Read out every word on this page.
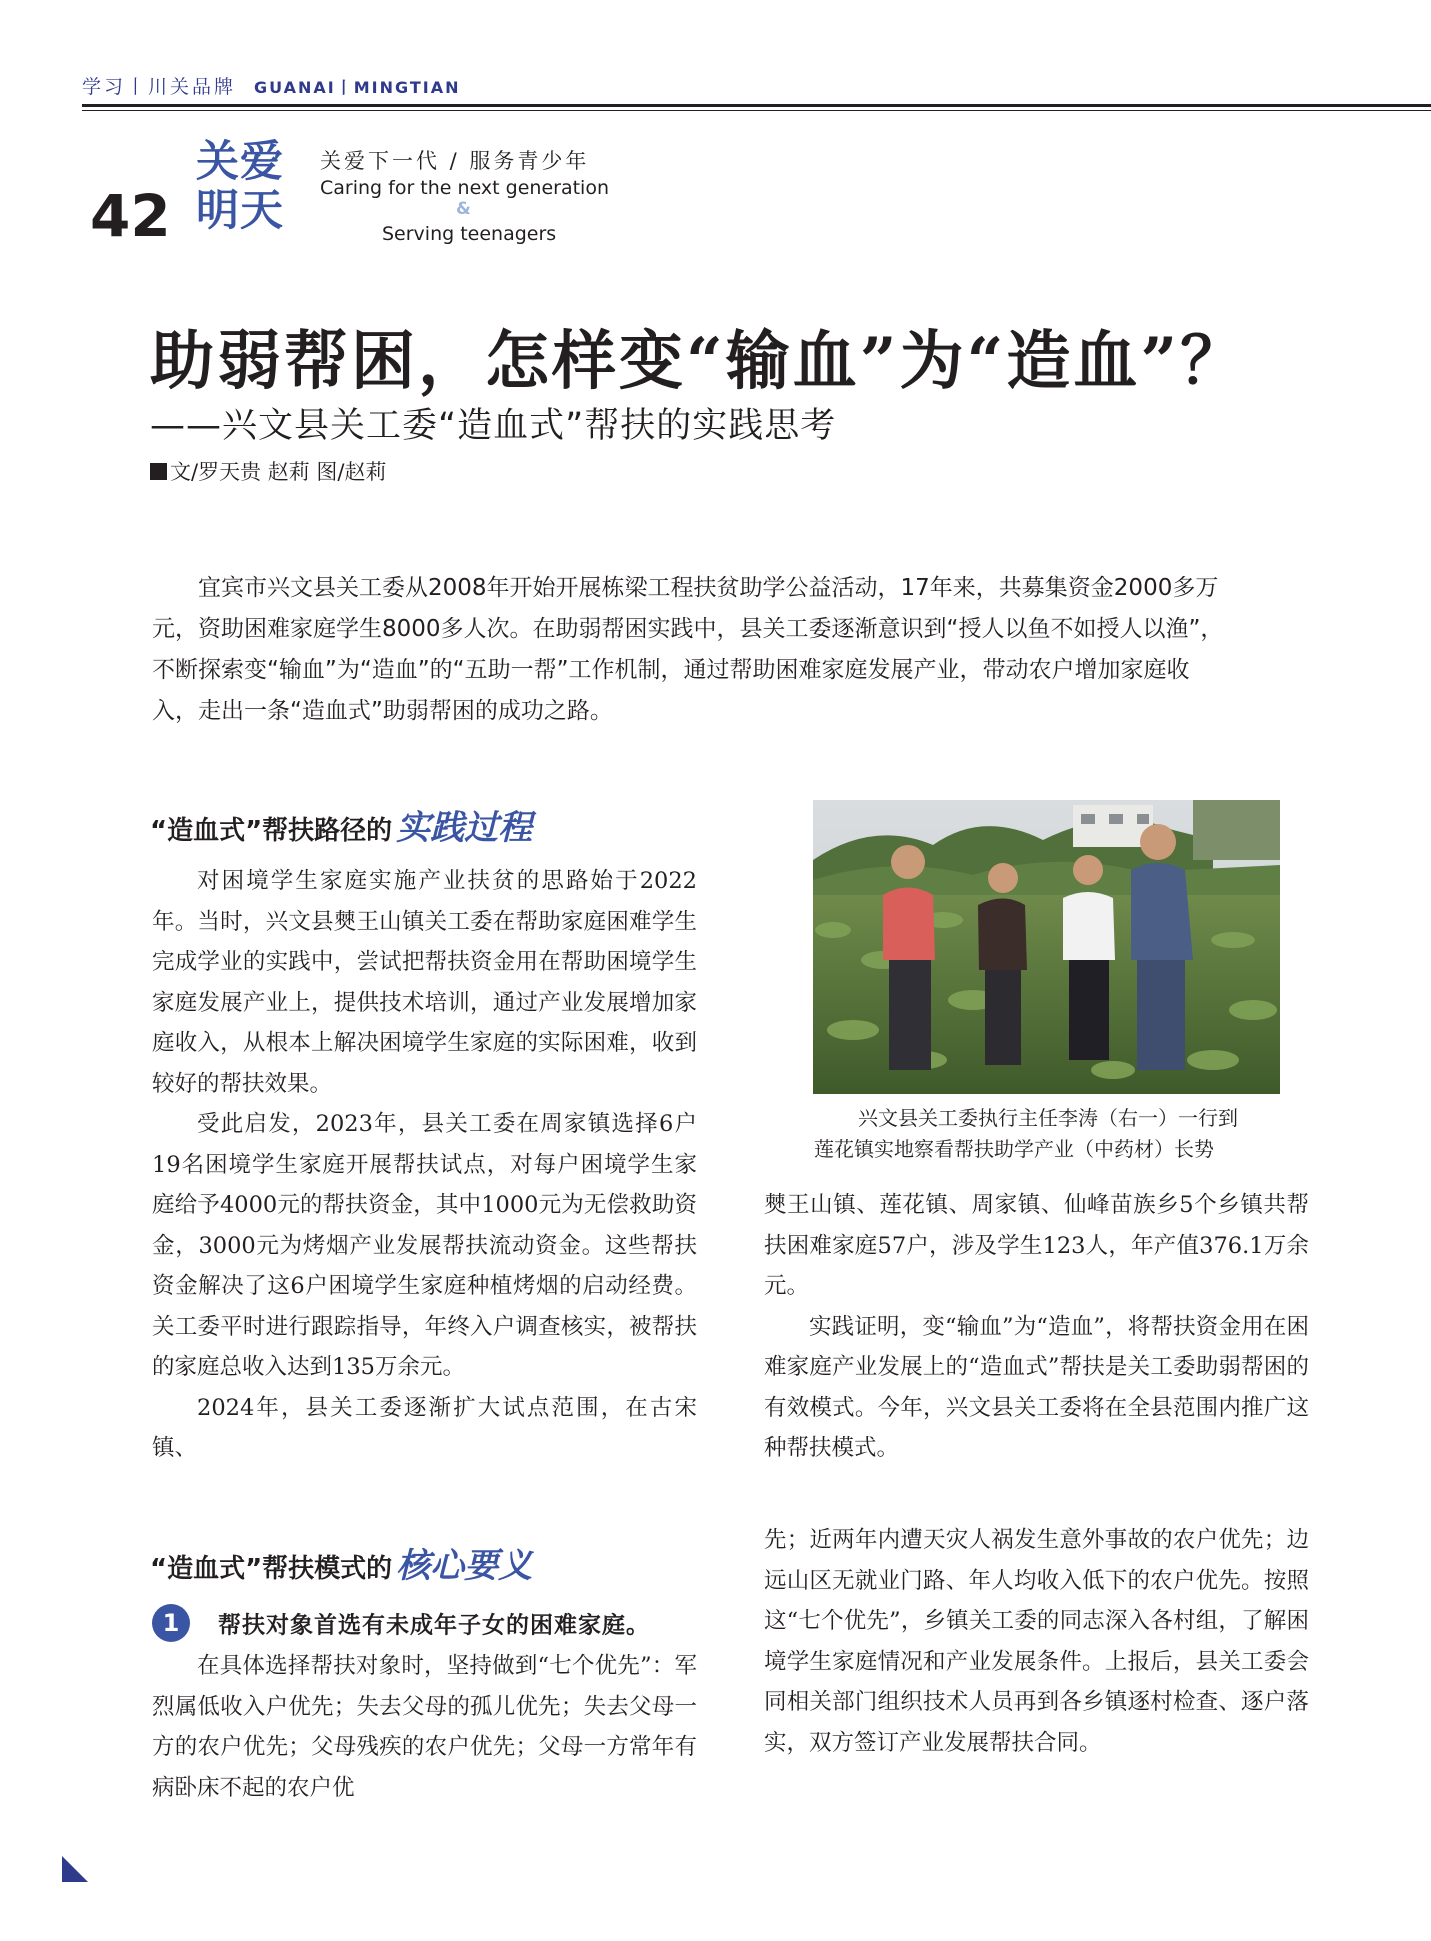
学习丨川关品牌 GUANAI丨MINGTIAN
42
关爱明天
关爱下一代 / 服务青少年
Caring for the next generation
&
Serving teenagers
助弱帮困，怎样变“输血”为“造血”？
——兴文县关工委“造血式”帮扶的实践思考
文/罗天贵 赵莉 图/赵莉

宜宾市兴文县关工委从2008年开始开展栋梁工程扶贫助学公益活动，17年来，共募集资金2000多万元，资助困难家庭学生8000多人次。在助弱帮困实践中，县关工委逐渐意识到“授人以鱼不如授人以渔”，不断探索变“输血”为“造血”的“五助一帮”工作机制，通过帮助困难家庭发展产业，带动农户增加家庭收入，走出一条“造血式”助弱帮困的成功之路。

“造血式”帮扶路径的 实践过程

对困境学生家庭实施产业扶贫的思路始于2022年。当时，兴文县僰王山镇关工委在帮助家庭困难学生完成学业的实践中，尝试把帮扶资金用在帮助困境学生家庭发展产业上，提供技术培训，通过产业发展增加家庭收入，从根本上解决困境学生家庭的实际困难，收到较好的帮扶效果。

受此启发，2023年，县关工委在周家镇选择6户19名困境学生家庭开展帮扶试点，对每户困境学生家庭给予4000元的帮扶资金，其中1000元为无偿救助资金，3000元为烤烟产业发展帮扶流动资金。这些帮扶资金解决了这6户困境学生家庭种植烤烟的启动经费。关工委平时进行跟踪指导，年终入户调查核实，被帮扶的家庭总收入达到135万余元。

2024年，县关工委逐渐扩大试点范围，在古宋镇、

兴文县关工委执行主任李涛（右一）一行到
莲花镇实地察看帮扶助学产业（中药材）长势

僰王山镇、莲花镇、周家镇、仙峰苗族乡5个乡镇共帮扶困难家庭57户，涉及学生123人，年产值376.1万余元。

实践证明，变“输血”为“造血”，将帮扶资金用在困难家庭产业发展上的“造血式”帮扶是关工委助弱帮困的有效模式。今年，兴文县关工委将在全县范围内推广这种帮扶模式。

“造血式”帮扶模式的 核心要义
1 帮扶对象首选有未成年子女的困难家庭。

在具体选择帮扶对象时，坚持做到“七个优先”：军烈属低收入户优先；失去父母的孤儿优先；失去父母一方的农户优先；父母残疾的农户优先；父母一方常年有病卧床不起的农户优

先；近两年内遭天灾人祸发生意外事故的农户优先；边远山区无就业门路、年人均收入低下的农户优先。按照这“七个优先”，乡镇关工委的同志深入各村组，了解困境学生家庭情况和产业发展条件。上报后，县关工委会同相关部门组织技术人员再到各乡镇逐村检查、逐户落实，双方签订产业发展帮扶合同。
